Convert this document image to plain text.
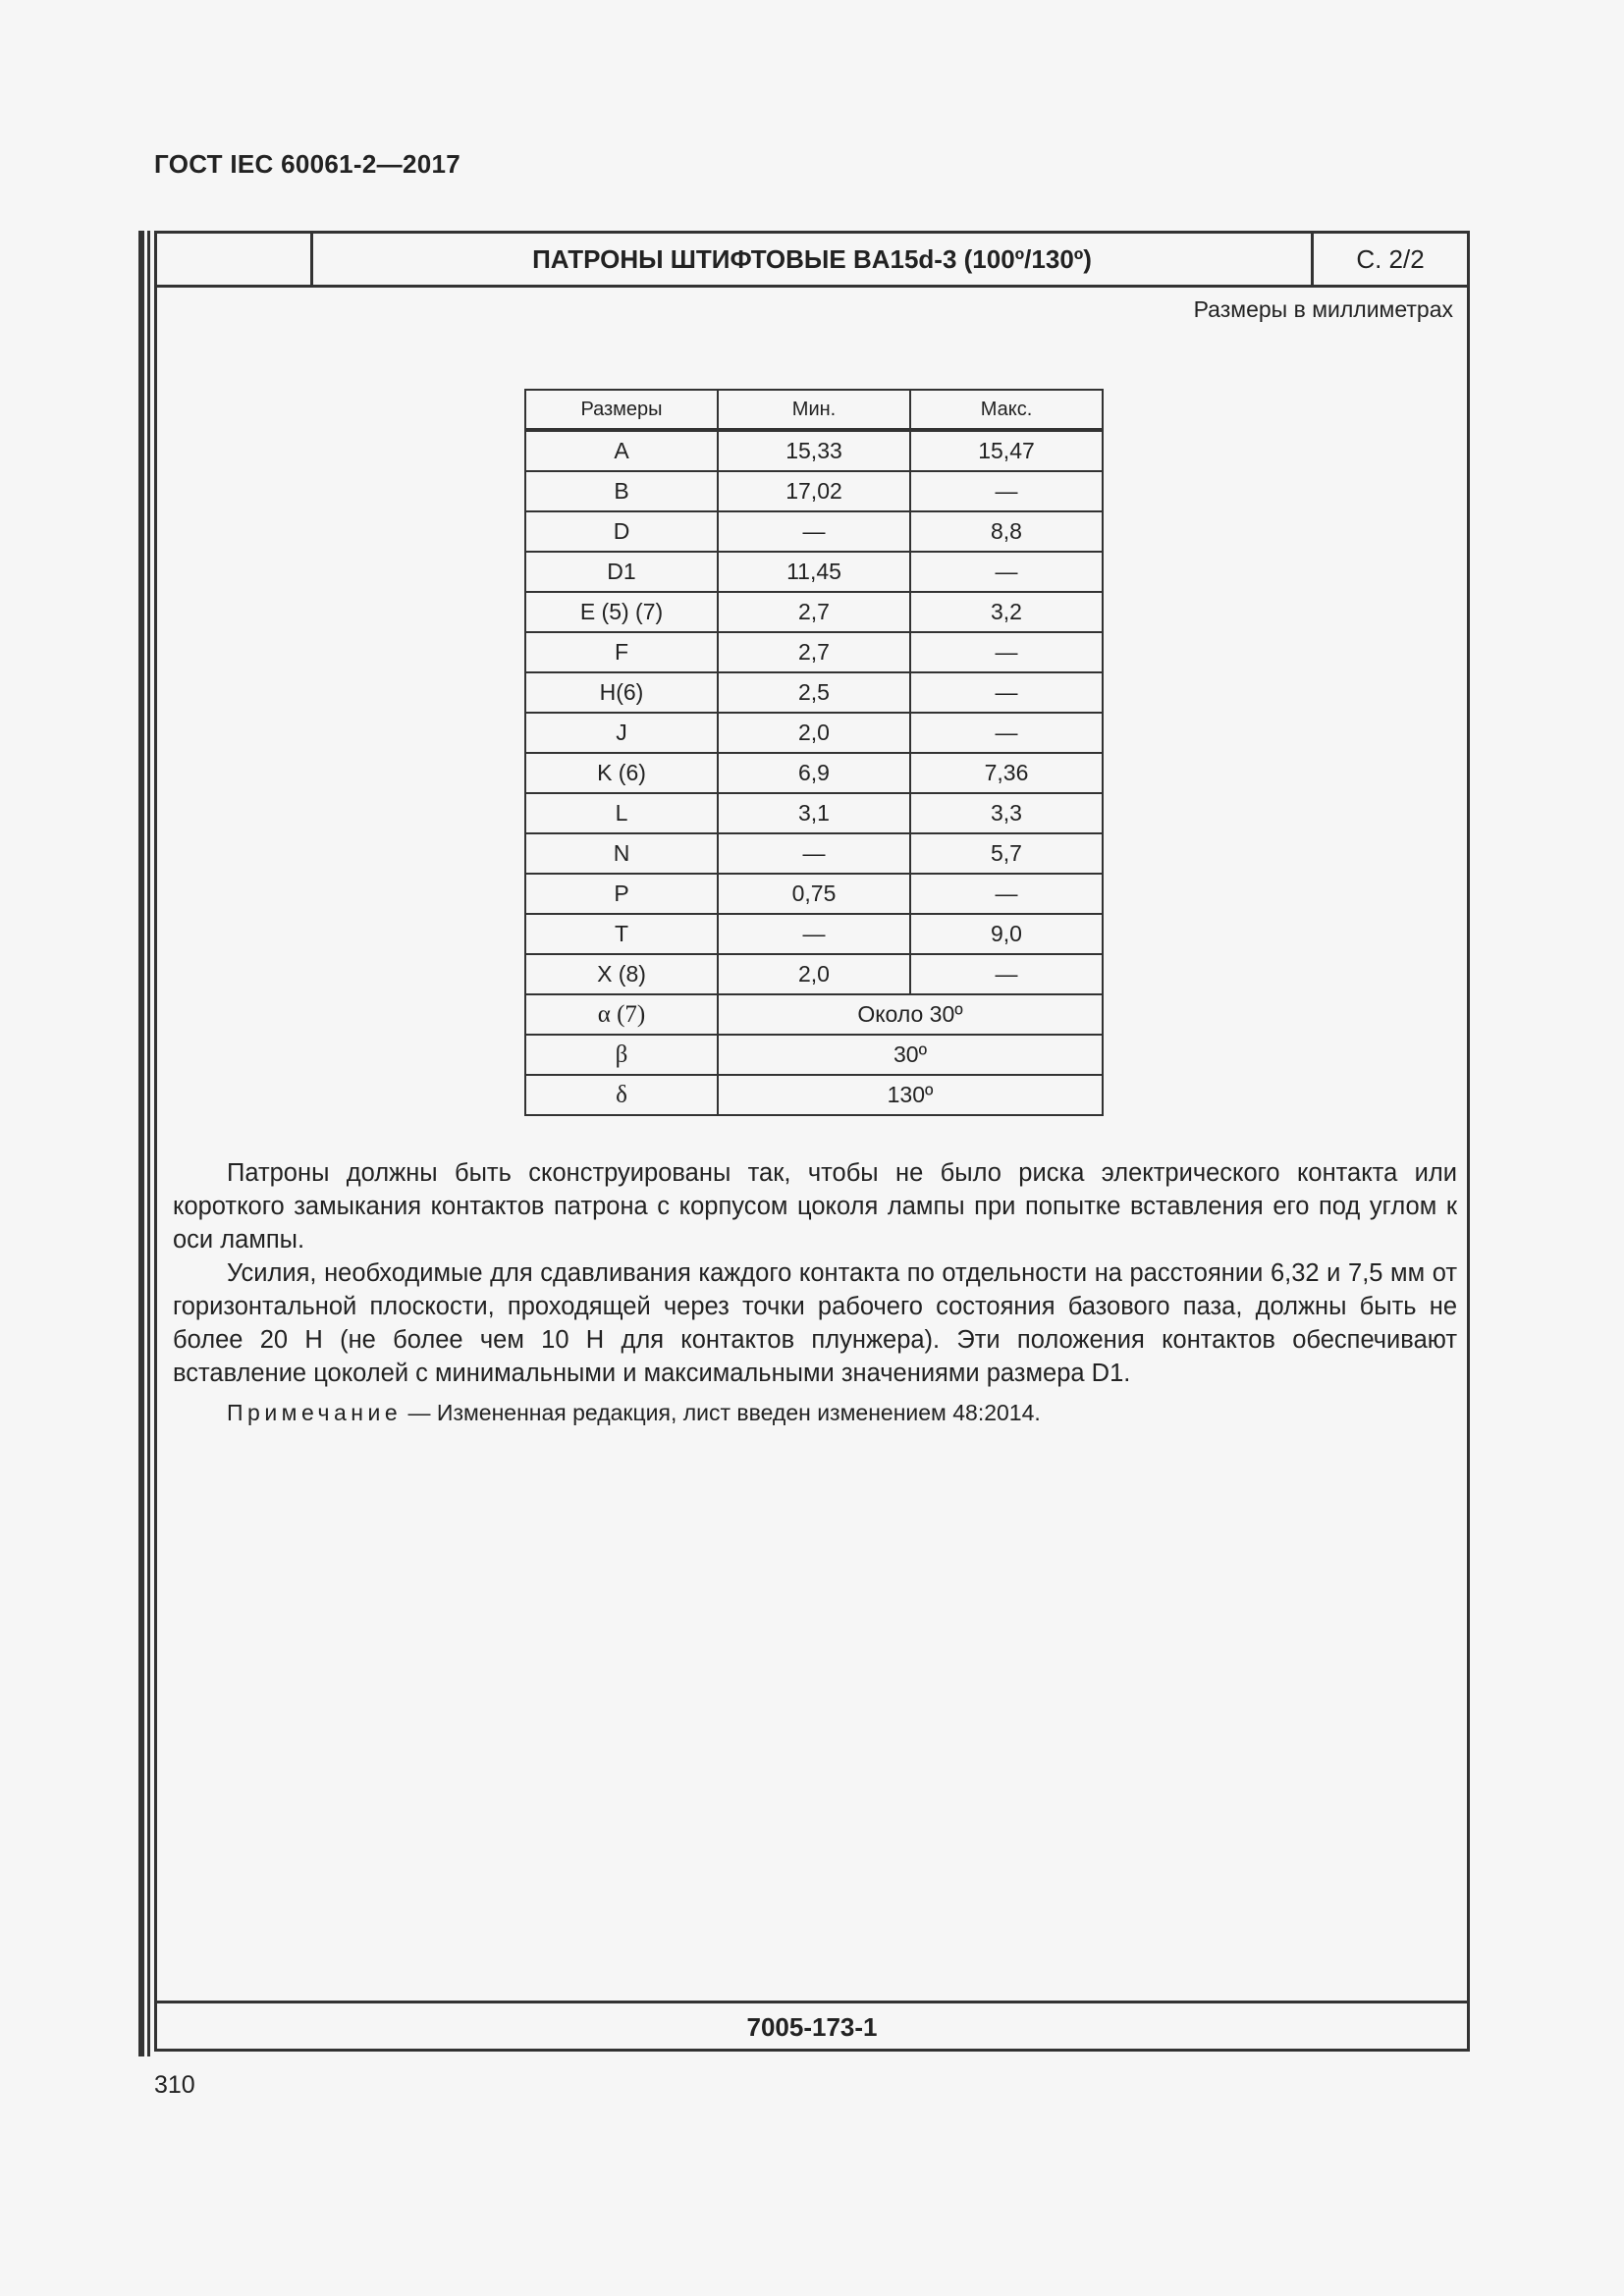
ГОСТ IEC 60061-2—2017
ПАТРОНЫ ШТИФТОВЫЕ BA15d-3 (100º/130º)	С. 2/2
Размеры в миллиметрах
Размеры	Мин.	Макс.
A	15,33	15,47
B	17,02	—
D	—	8,8
D1	11,45	—
E (5) (7)	2,7	3,2
F	2,7	—
H(6)	2,5	—
J	2,0	—
K (6)	6,9	7,36
L	3,1	3,3
N	—	5,7
P	0,75	—
T	—	9,0
X (8)	2,0	—
α (7)	Около 30º	
β	30º	
δ	130º	

Патроны должны быть сконструированы так, чтобы не было риска электрического контакта или короткого замыкания контактов патрона с корпусом цоколя лампы при попытке вставления его под углом к оси лампы.

Усилия, необходимые для сдавливания каждого контакта по отдельности на расстоянии 6,32 и 7,5 мм от горизонтальной плоскости, проходящей через точки рабочего состояния базового паза, должны быть не более 20 Н (не более чем 10 Н для контактов плунжера). Эти положения контактов обеспечивают вставление цоколей с минимальными и максимальными значениями размера D1.

Примечание — Измененная редакция, лист введен изменением 48:2014.
7005-173-1
310
